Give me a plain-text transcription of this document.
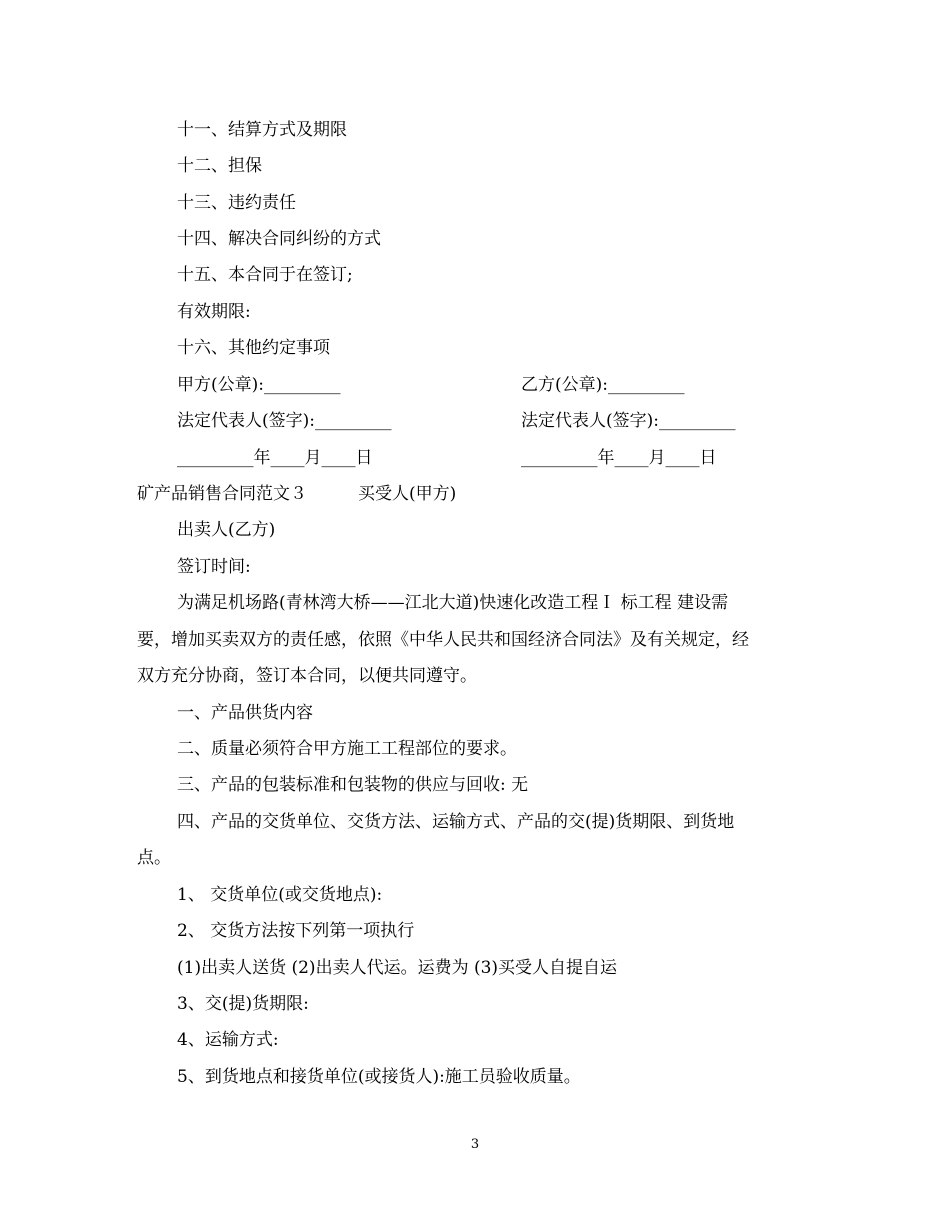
十一、结算方式及期限
十二、担保
十三、违约责任
十四、解决合同纠纷的方式
十五、本合同于在签订;
有效期限:
十六、其他约定事项
甲方(公章):_________	乙方(公章):_________
法定代表人(签字):_________	法定代表人(签字):_________
_________年____月____日	_________年____月____日
矿产品销售合同范文３	买受人(甲方)
出卖人(乙方)
签订时间:
为满足机场路(青林湾大桥——江北大道)快速化改造工程Ｉ 标工程 建设需
要，增加买卖双方的责任感，依照《中华人民共和国经济合同法》及有关规定，经
双方充分协商，签订本合同，以便共同遵守。
一、产品供货内容
二、质量必须符合甲方施工工程部位的要求。
三、产品的包装标准和包装物的供应与回收: 无
四、产品的交货单位、交货方法、运输方式、产品的交(提)货期限、到货地
点。
1、 交货单位(或交货地点):
2、 交货方法按下列第一项执行
(1)出卖人送货 (2)出卖人代运。运费为 (3)买受人自提自运
3、交(提)货期限:
4、运输方式:
5、到货地点和接货单位(或接货人):施工员验收质量。
3
